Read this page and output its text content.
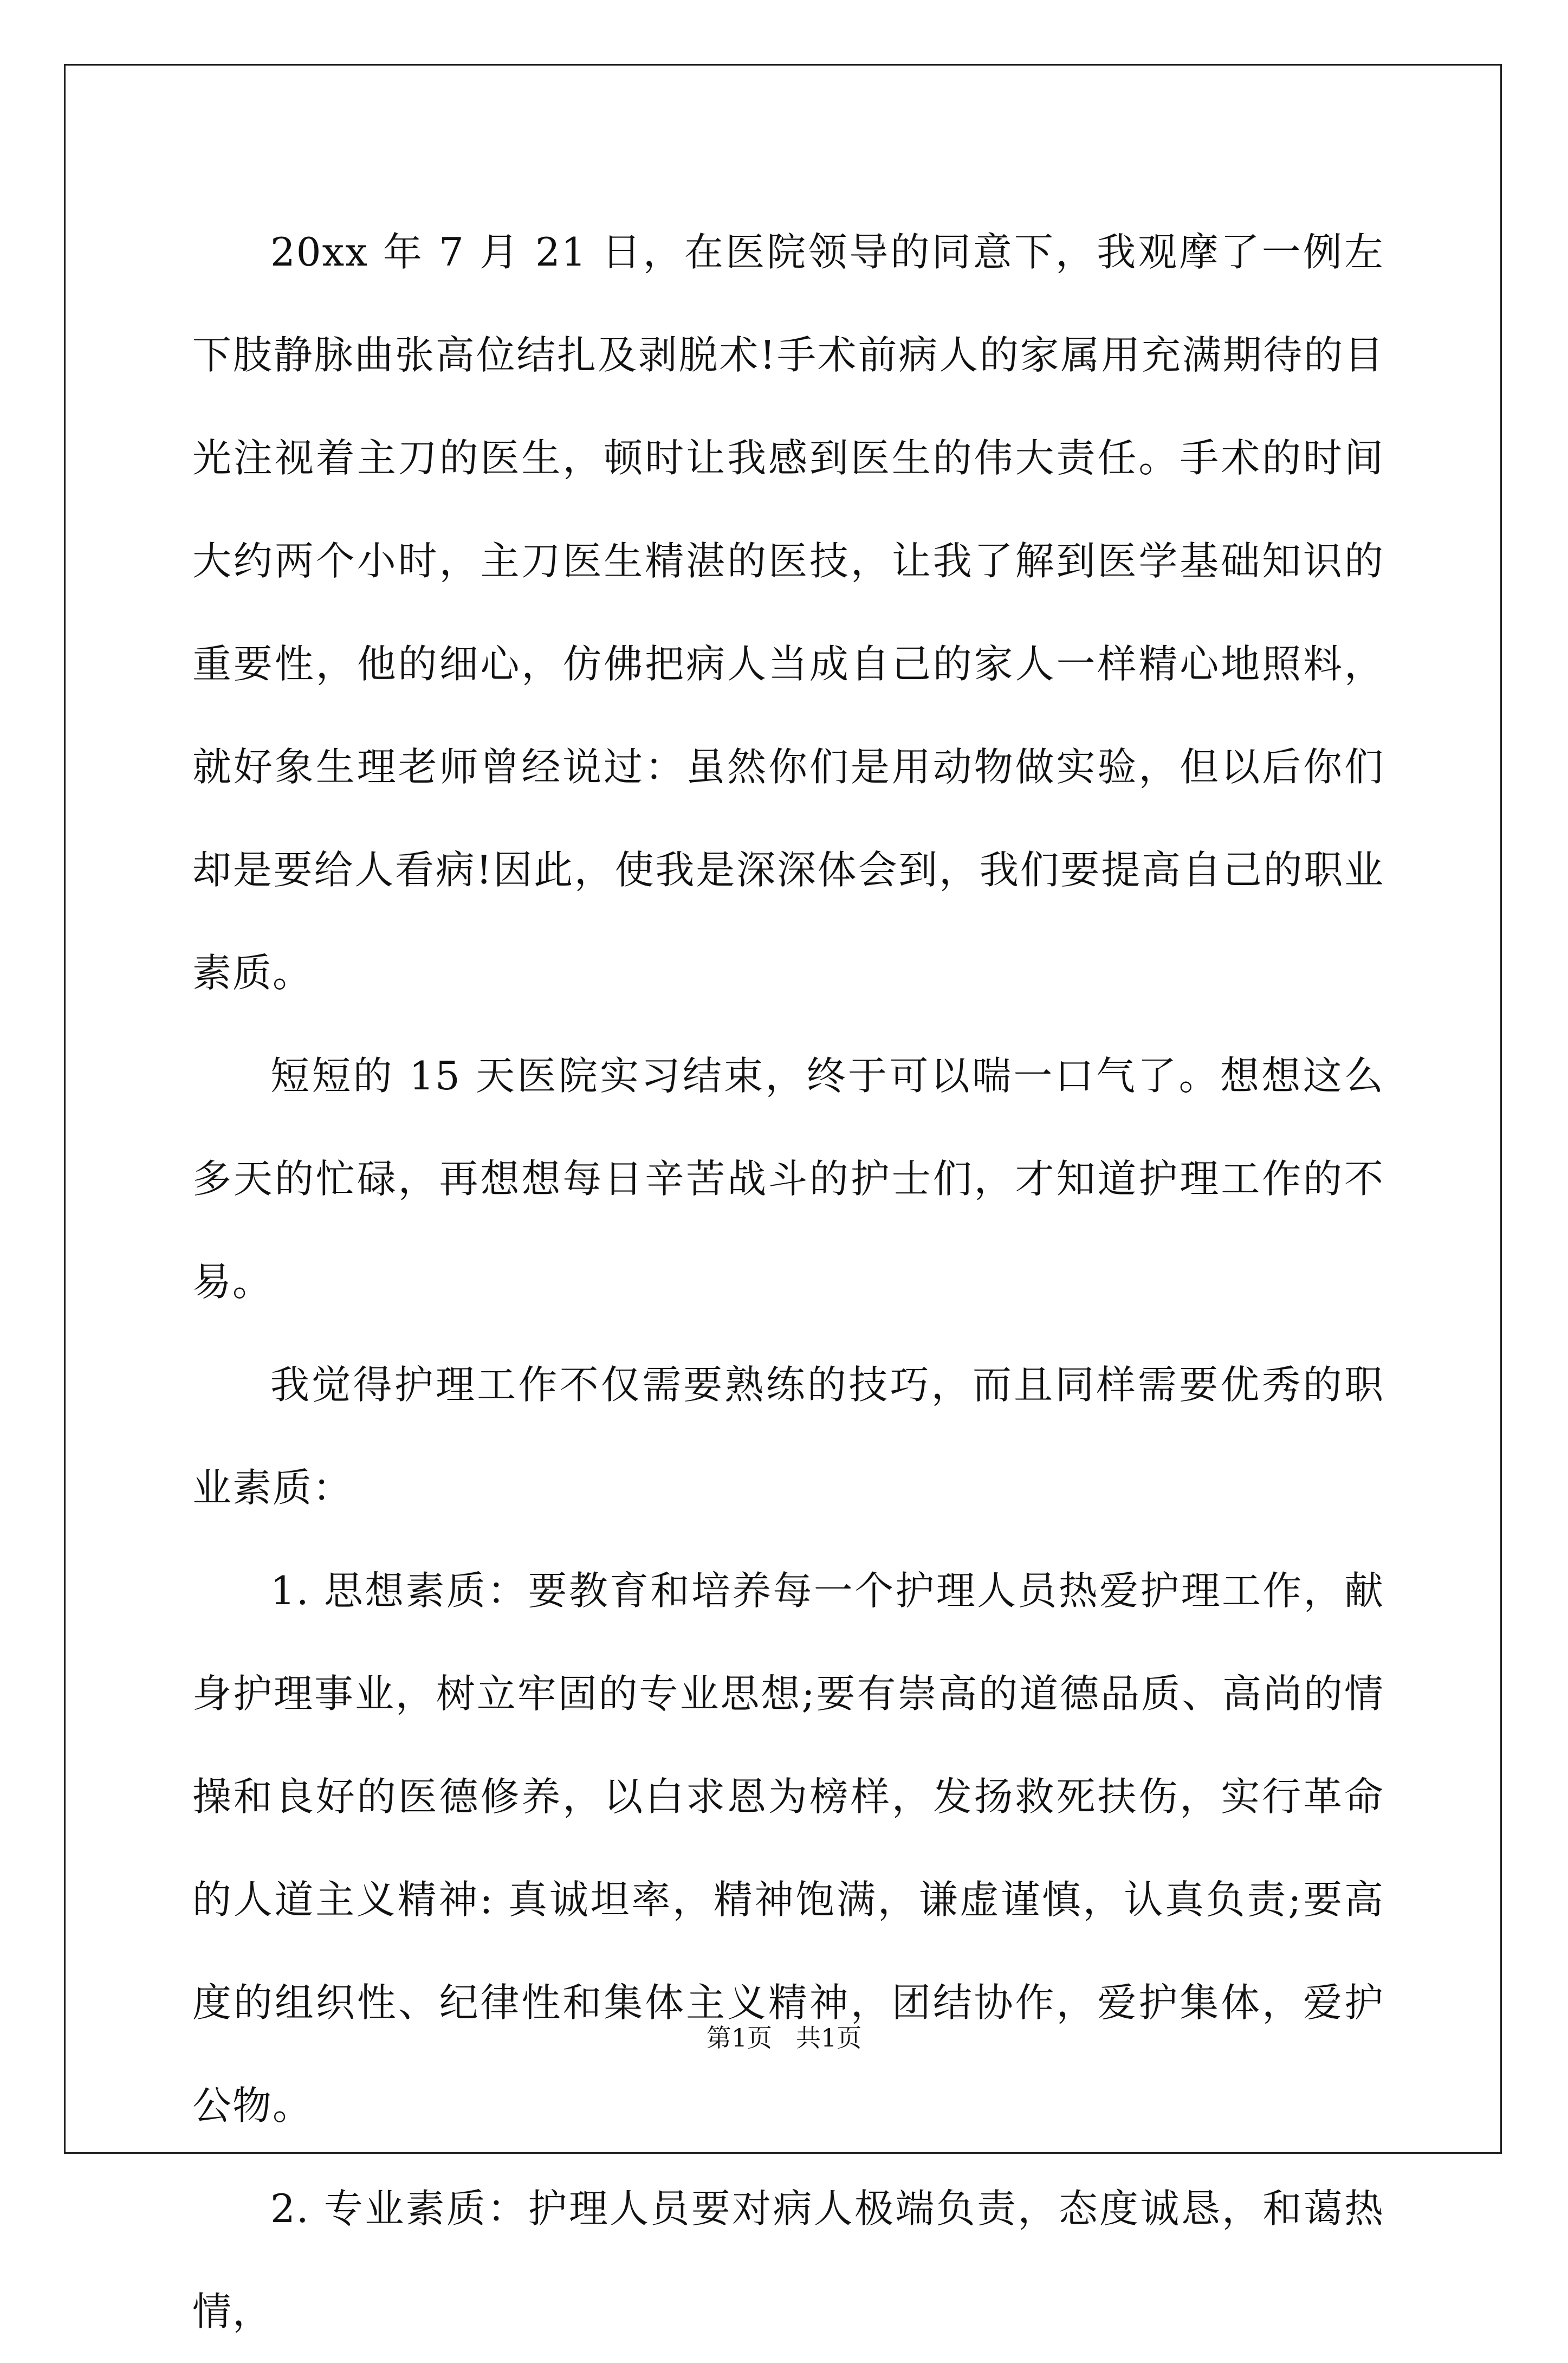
20xx 年 7 月 21 日，在医院领导的同意下，我观摩了一例左下肢静脉曲张高位结扎及剥脱术!手术前病人的家属用充满期待的目光注视着主刀的医生，顿时让我感到医生的伟大责任。手术的时间大约两个小时，主刀医生精湛的医技，让我了解到医学基础知识的重要性，他的细心，仿佛把病人当成自己的家人一样精心地照料，就好象生理老师曾经说过：虽然你们是用动物做实验，但以后你们却是要给人看病!因此，使我是深深体会到，我们要提高自己的职业素质。

短短的 15 天医院实习结束，终于可以喘一口气了。想想这么多天的忙碌，再想想每日辛苦战斗的护士们，才知道护理工作的不易。

我觉得护理工作不仅需要熟练的技巧，而且同样需要优秀的职业素质：

1. 思想素质：要教育和培养每一个护理人员热爱护理工作，献身护理事业，树立牢固的专业思想;要有崇高的道德品质、高尚的情操和良好的医德修养，以白求恩为榜样，发扬救死扶伤，实行革命的人道主义精神: 真诚坦率，精神饱满，谦虚谨慎，认真负责;要高度的组织性、纪律性和集体主义精神，团结协作，爱护集体，爱护公物。

2. 专业素质：护理人员要对病人极端负责，态度诚恳，和蔼热情，

第1页 共1页
